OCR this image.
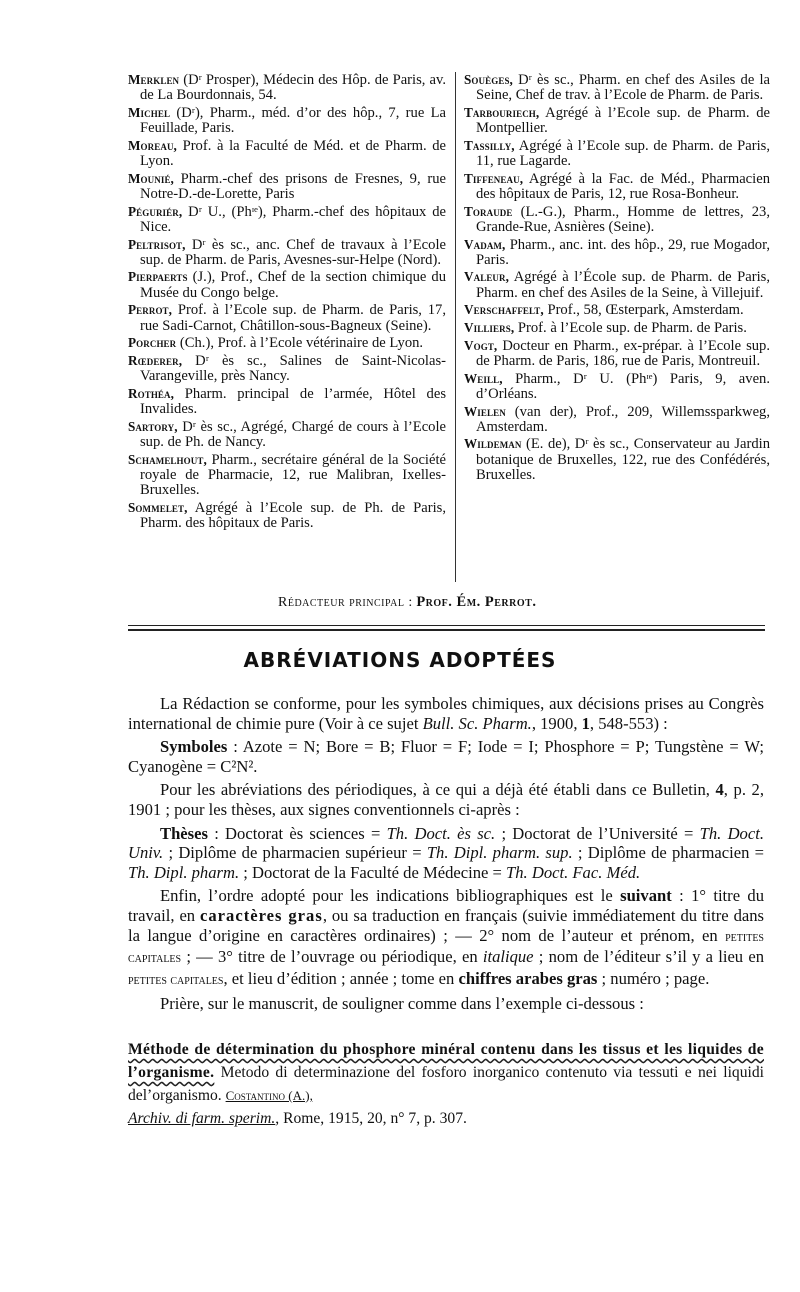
Merklen (Dʳ Prosper), Médecin des Hôp. de Paris, av. de La Bourdonnais, 54.
Michel (Dʳ), Pharm., méd. d’or des hôp., 7, rue La Feuillade, Paris.
Moreau, Prof. à la Faculté de Méd. et de Pharm. de Lyon.
Mounié, Pharm.-chef des prisons de Fresnes, 9, rue Notre-D.-de-Lorette, Paris
Péguriér, Dʳ U., (Phᶦᵉ), Pharm.-chef des hôpitaux de Nice.
Peltrisot, Dʳ ès sc., anc. Chef de travaux à l’Ecole sup. de Pharm. de Paris, Avesnes-sur-Helpe (Nord).
Pierpaerts (J.), Prof., Chef de la section chimique du Musée du Congo belge.
Perrot, Prof. à l’Ecole sup. de Pharm. de Paris, 17, rue Sadi-Carnot, Châtillon-sous-Bagneux (Seine).
Porcher (Ch.), Prof. à l’Ecole vétérinaire de Lyon.
Rœderer, Dʳ ès sc., Salines de Saint-Nicolas-Varangeville, près Nancy.
Rothéa, Pharm. principal de l’armée, Hôtel des Invalides.
Sartory, Dʳ ès sc., Agrégé, Chargé de cours à l’Ecole sup. de Ph. de Nancy.
Schamelhout, Pharm., secrétaire général de la Société royale de Pharmacie, 12, rue Malibran, Ixelles-Bruxelles.
Sommelet, Agrégé à l’Ecole sup. de Ph. de Paris, Pharm. des hôpitaux de Paris.
Souèges, Dʳ ès sc., Pharm. en chef des Asiles de la Seine, Chef de trav. à l’Ecole de Pharm. de Paris.
Tarbouriech, Agrégé à l’Ecole sup. de Pharm. de Montpellier.
Tassilly, Agrégé à l’Ecole sup. de Pharm. de Paris, 11, rue Lagarde.
Tiffeneau, Agrégé à la Fac. de Méd., Pharmacien des hôpitaux de Paris, 12, rue Rosa-Bonheur.
Toraude (L.-G.), Pharm., Homme de lettres, 23, Grande-Rue, Asnières (Seine).
Vadam, Pharm., anc. int. des hôp., 29, rue Mogador, Paris.
Valeur, Agrégé à l’École sup. de Pharm. de Paris, Pharm. en chef des Asiles de la Seine, à Villejuif.
Verschaffelt, Prof., 58, Œsterpark, Amsterdam.
Villiers, Prof. à l’Ecole sup. de Pharm. de Paris.
Vogt, Docteur en Pharm., ex-prépar. à l’Ecole sup. de Pharm. de Paris, 186, rue de Paris, Montreuil.
Weill, Pharm., Dʳ U. (Phᶦᵉ) Paris, 9, aven. d’Orléans.
Wielen (van der), Prof., 209, Willemssparkweg, Amsterdam.
Wildeman (E. de), Dʳ ès sc., Conservateur au Jardin botanique de Bruxelles, 122, rue des Confédérés, Bruxelles.
Rédacteur principal : Prof. Ém. Perrot.
ABRÉVIATIONS ADOPTÉES

La Rédaction se conforme, pour les symboles chimiques, aux décisions prises au Congrès international de chimie pure (Voir à ce sujet Bull. Sc. Pharm., 1900, 1, 548-553) :

Symboles : Azote = N; Bore = B; Fluor = F; Iode = I; Phosphore = P; Tungstène = W; Cyanogène = C²N².

Pour les abréviations des périodiques, à ce qui a déjà été établi dans ce Bulletin, 4, p. 2, 1901 ; pour les thèses, aux signes conventionnels ci-après :

Thèses : Doctorat ès sciences = Th. Doct. ès sc. ; Doctorat de l’Université = Th. Doct. Univ. ; Diplôme de pharmacien supérieur = Th. Dipl. pharm. sup. ; Diplôme de pharmacien = Th. Dipl. pharm. ; Doctorat de la Faculté de Médecine = Th. Doct. Fac. Méd.

Enfin, l’ordre adopté pour les indications bibliographiques est le suivant : 1° titre du travail, en caractères gras, ou sa traduction en français (suivie immédiatement du titre dans la langue d’origine en caractères ordinaires) ; — 2° nom de l’auteur et prénom, en petites capitales ; — 3° titre de l’ouvrage ou périodique, en italique ; nom de l’éditeur s’il y a lieu en petites capitales, et lieu d’édition ; année ; tome en chiffres arabes gras ; numéro ; page.

Prière, sur le manuscrit, de souligner comme dans l’exemple ci-dessous :

Méthode de détermination du phosphore minéral contenu dans les tissus et les liquides de l’organisme. Metodo di determinazione del fosforo inorganico contenuto via tessuti e nei liquidi del’organismo. Costantino (A.),
Archiv. di farm. sperim., Rome, 1915, 20, n° 7, p. 307.
